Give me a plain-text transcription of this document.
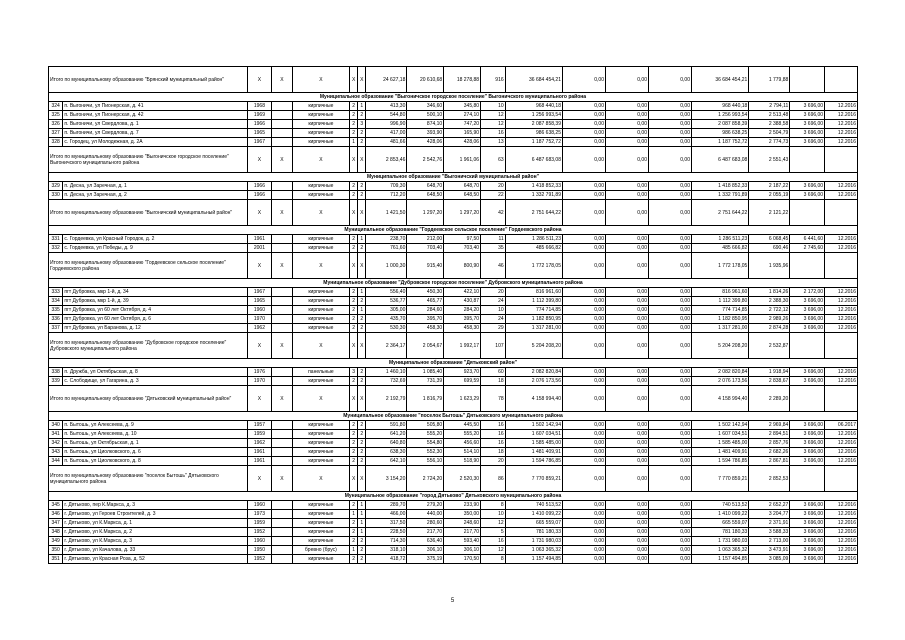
Итого по муниципальному образованию "Брянский муниципальный район"		X	X	X	X	X	24 627,18	20 610,68	18 278,88	916	36 684 454,21	0,00	0,00	0,00	36 684 454,21	1 779,88		
Муниципальное образование "Выгоничское городское поселение" Выгоничского муниципального района																		
324	п. Выгоничи, ул Пионерская, д. 41	1968		кирпичные	2	1	413,30	346,60	345,80	10	968 440,18	0,00	0,00	0,00	968 440,18	2 794,11	3 696,00	12.2016
325	п. Выгоничи, ул Пионерская, д. 42	1969		кирпичные	2	2	544,80	500,10	274,10	12	1 256 993,54	0,00	0,00	0,00	1 256 993,54	2 513,48	3 696,00	12.2016
326	п. Выгоничи, ул Свердлова, д. 1	1966		кирпичные	2	3	996,90	874,10	747,20	12	2 087 858,39	0,00	0,00	0,00	2 087 858,39	2 388,58	3 696,00	12.2016
327	п. Выгоничи, ул Свердлова, д. 7	1965		кирпичные	2	2	417,00	393,90	165,90	16	986 638,25	0,00	0,00	0,00	986 638,25	2 504,79	3 696,00	12.2016
328	с. Городец, ул Молодежная, д. 2А	1967		кирпичные	1	2	481,66	428,06	428,06	13	1 187 752,72	0,00	0,00	0,00	1 187 752,72	2 774,73	3 696,00	12.2016
Итого по муниципальному образованию "Выгоничское городское поселение" Выгоничского муниципального района		X	X	X	X	X	2 853,46	2 542,76	1 961,06	63	6 487 683,08	0,00	0,00	0,00	6 487 683,08	2 551,43		
Муниципальное образование "Выгоничский муниципальный район"																		
329	п. Десна, ул Заречная, д. 1	1966		кирпичные	2	2	709,30	648,70	648,70	20	1 418 852,33	0,00	0,00	0,00	1 418 852,33	2 187,22	3 696,00	12.2016
330	п. Десна, ул Заречная, д. 2	1966		кирпичные	2	2	712,20	648,50	648,50	22	1 332 791,89	0,00	0,00	0,00	1 332 791,89	2 055,19	3 696,00	12.2016
Итого по муниципальному образованию "Выгоничский муниципальный район"		X	X	X	X	X	1 421,50	1 297,20	1 297,20	42	2 751 644,22	0,00	0,00	0,00	2 751 644,22	2 121,22		
Муниципальное образование "Гордеевское сельское поселение" Гордеевского района																		
331	с. Гордеевка, ул Красный Городок, д. 2	1961		кирпичные	2	1	238,70	212,00	97,50	11	1 286 511,23	0,00	0,00	0,00	1 286 511,23	6 068,45	6 441,60	12.2016
332	с. Гордеевка, ул Победы, д. 9	2001		кирпичные	2	2	761,60	703,40	703,40	35	485 666,82	0,00	0,00	0,00	485 666,82	690,46	2 745,60	12.2016
Итого по муниципальному образованию "Гордеевское сельское поселение" Гордеевского района		X	X	X	X	X	1 000,30	915,40	800,90	46	1 772 178,05	0,00	0,00	0,00	1 772 178,05	1 935,96		
Муниципальное образование "Дубровское городское поселение" Дубровского муниципального района																		
333	пгт Дубровка, мкр 1-й, д. 34	1967		кирпичные	2	1	556,40	450,30	422,10	20	816 961,60	0,00	0,00	0,00	816 961,60	1 814,26	2 172,00	12.2016
334	пгт Дубровка, мкр 1-й, д. 39	1965		кирпичные	2	2	536,77	465,77	430,87	24	1 112 399,80	0,00	0,00	0,00	1 112 399,80	2 388,30	3 696,00	12.2016
335	пгт Дубровка, ул 60 лет Октября, д. 4	1960		кирпичные	2	1	305,00	284,60	284,20	10	774 714,85	0,00	0,00	0,00	774 714,85	2 722,12	3 696,00	12.2016
336	пгт Дубровка, ул 60 лет Октября, д. 6	1970		кирпичные	2	2	435,70	395,70	395,70	24	1 182 850,95	0,00	0,00	0,00	1 182 850,95	2 989,26	3 696,00	12.2016
337	пгт Дубровка, ул Баранова, д. 12	1962		кирпичные	2	2	530,30	458,30	458,30	29	1 317 281,00	0,00	0,00	0,00	1 317 281,00	2 874,28	3 696,00	12.2016
Итого по муниципальному образованию "Дубровское городское поселение" Дубровского муниципального района		X	X	X	X	X	2 364,17	2 054,67	1 992,17	107	5 204 208,20	0,00	0,00	0,00	5 204 208,20	2 532,87		
Муниципальное образование "Дятьковский район"																		
338	п. Дружба, ул Октябрьская, д. 8	1976		панельные	3	2	1 460,10	1 085,40	923,70	60	2 082 820,84	0,00	0,00	0,00	2 082 820,84	1 918,94	3 696,00	12.2016
339	с. Слободище, ул Гагарина, д. 3	1970		кирпичные	2	2	732,69	731,39	699,59	18	2 076 173,56	0,00	0,00	0,00	2 076 173,56	2 838,67	3 696,00	12.2016
Итого по муниципальному образованию "Дятьковский муниципальный район"		X	X	X	X	X	2 192,79	1 816,79	1 623,29	78	4 158 994,40	0,00	0,00	0,00	4 158 994,40	2 289,20		
Муниципальное образование "поселок Бытошь" Дятьковского муниципального района																		
340	п. Бытошь, ул Алексеева, д. 9	1957		кирпичные	2	2	591,80	505,80	445,50	16	1 502 142,94	0,00	0,00	0,00	1 502 142,94	2 969,84	3 696,00	06.2017
341	п. Бытошь, ул Алексеева, д. 10	1959		кирпичные	2	2	641,20	555,20	555,20	16	1 607 034,51	0,00	0,00	0,00	1 607 034,51	2 894,51	3 696,00	12.2016
342	п. Бытошь, ул Октябрьская, д. 1	1962		кирпичные	2	2	640,80	554,80	456,60	16	1 585 485,00	0,00	0,00	0,00	1 585 485,00	2 857,76	3 696,00	12.2016
343	п. Бытошь, ул Циолковского, д. 6	1961		кирпичные	2	2	638,30	552,30	514,10	18	1 481 409,91	0,00	0,00	0,00	1 481 409,91	2 682,26	3 696,00	12.2016
344	п. Бытошь, ул Циолковского, д. 8	1961		кирпичные	2	2	642,10	556,10	518,90	20	1 594 786,85	0,00	0,00	0,00	1 594 786,85	2 867,81	3 696,00	12.2016
Итого по муниципальному образованию "поселок Бытошь" Дятьковского муниципального района		X	X	X	X	X	3 154,20	2 724,20	2 520,30	86	7 770 859,21	0,00	0,00	0,00	7 770 859,21	2 852,53		
Муниципальное образование "город Дятьково" Дятьковского муниципального района																		
345	г. Дятьково, пер К.Маркса, д. 3	1960		кирпичные	2	1	289,70	279,20	233,90	8	740 513,52	0,00	0,00	0,00	740 513,52	2 652,27	3 696,00	12.2016
346	г. Дятьково, ул Героев Строителей, д. 3	1973		кирпичные	1	1	466,00	440,00	350,00	10	1 410 099,22	0,00	0,00	0,00	1 410 099,22	3 204,77	3 696,00	12.2016
347	г. Дятьково, ул К.Маркса, д. 1	1959		кирпичные	2	1	317,50	280,60	248,60	12	665 559,07	0,00	0,00	0,00	665 559,07	2 371,91	3 696,00	12.2016
348	г. Дятьково, ул К.Маркса, д. 2	1952		кирпичные	2	1	228,50	217,70	217,70	5	781 180,33	0,00	0,00	0,00	781 180,33	3 588,33	3 696,00	12.2016
349	г. Дятьково, ул К.Маркса, д. 3	1960		кирпичные	2	2	714,30	636,40	593,40	16	1 731 980,03	0,00	0,00	0,00	1 731 980,03	2 713,00	3 696,00	12.2016
350	г. Дятьково, ул Качалова, д. 33	1950		бревно (брус)	1	2	318,10	306,10	306,10	12	1 063 365,32	0,00	0,00	0,00	1 063 365,32	3 473,91	3 696,00	12.2016
351	г. Дятьково, ул Красная Роза, д. 52	1952		кирпичные	2	2	418,72	375,19	170,50	8	1 157 494,85	0,00	0,00	0,00	1 157 494,85	3 085,09	3 696,00	12.2016
5
